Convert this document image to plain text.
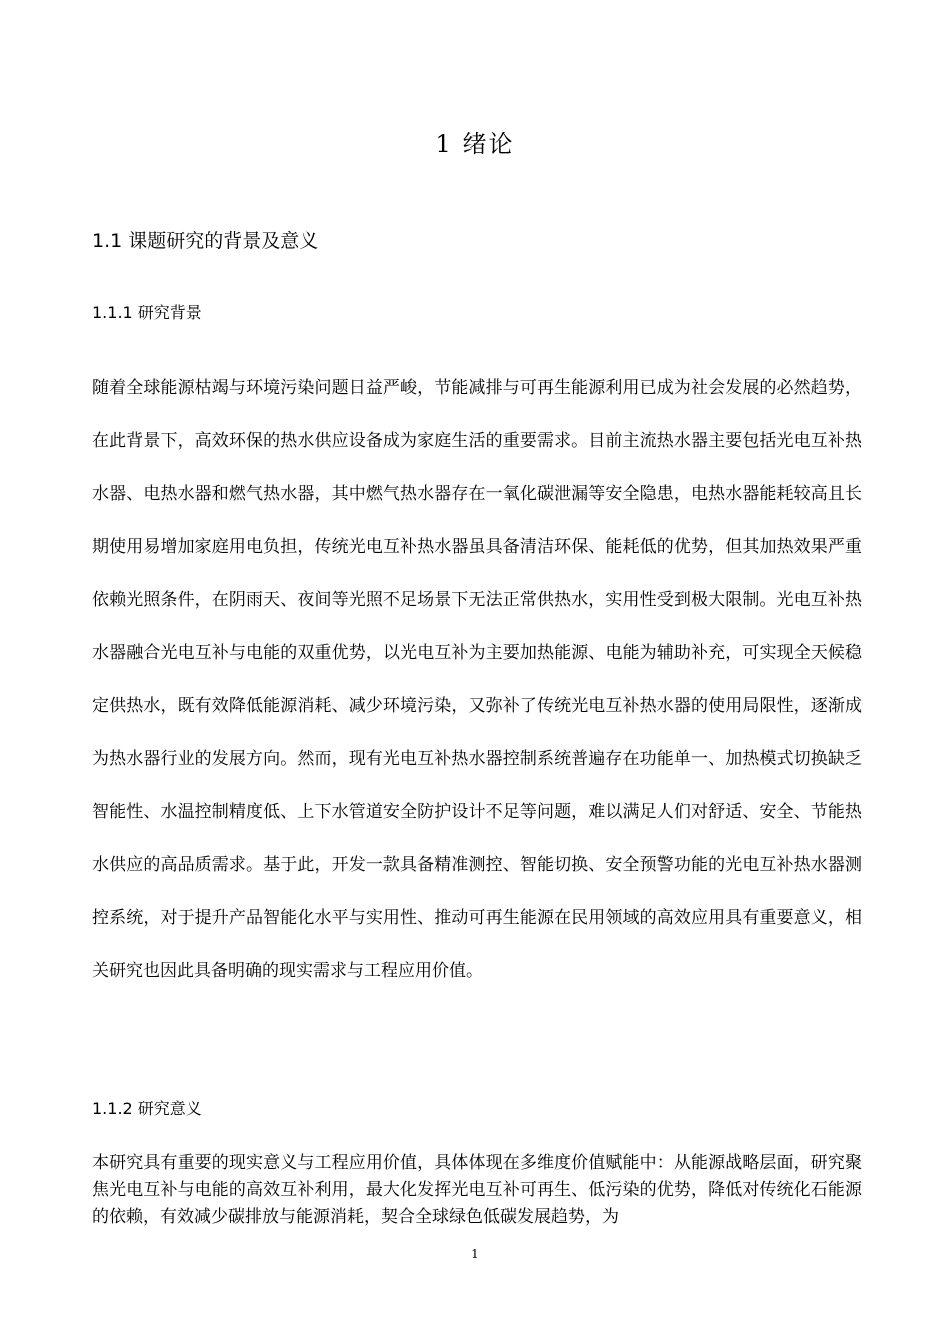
1 绪论
1.1 课题研究的背景及意义
1.1.1 研究背景

随着全球能源枯竭与环境污染问题日益严峻，节能减排与可再生能源利用已成为社会发展的必然趋势，在此背景下，高效环保的热水供应设备成为家庭生活的重要需求。目前主流热水器主要包括光电互补热水器、电热水器和燃气热水器，其中燃气热水器存在一氧化碳泄漏等安全隐患，电热水器能耗较高且长期使用易增加家庭用电负担，传统光电互补热水器虽具备清洁环保、能耗低的优势，但其加热效果严重依赖光照条件，在阴雨天、夜间等光照不足场景下无法正常供热水，实用性受到极大限制。光电互补热水器融合光电互补与电能的双重优势，以光电互补为主要加热能源、电能为辅助补充，可实现全天候稳定供热水，既有效降低能源消耗、减少环境污染，又弥补了传统光电互补热水器的使用局限性，逐渐成为热水器行业的发展方向。然而，现有光电互补热水器控制系统普遍存在功能单一、加热模式切换缺乏智能性、水温控制精度低、上下水管道安全防护设计不足等问题，难以满足人们对舒适、安全、节能热水供应的高品质需求。基于此，开发一款具备精准测控、智能切换、安全预警功能的光电互补热水器测控系统，对于提升产品智能化水平与实用性、推动可再生能源在民用领域的高效应用具有重要意义，相关研究也因此具备明确的现实需求与工程应用价值。

1.1.2 研究意义

本研究具有重要的现实意义与工程应用价值，具体体现在多维度价值赋能中：从能源战略层面，研究聚焦光电互补与电能的高效互补利用，最大化发挥光电互补可再生、低污染的优势，降低对传统化石能源的依赖，有效减少碳排放与能源消耗，契合全球绿色低碳发展趋势，为

1
